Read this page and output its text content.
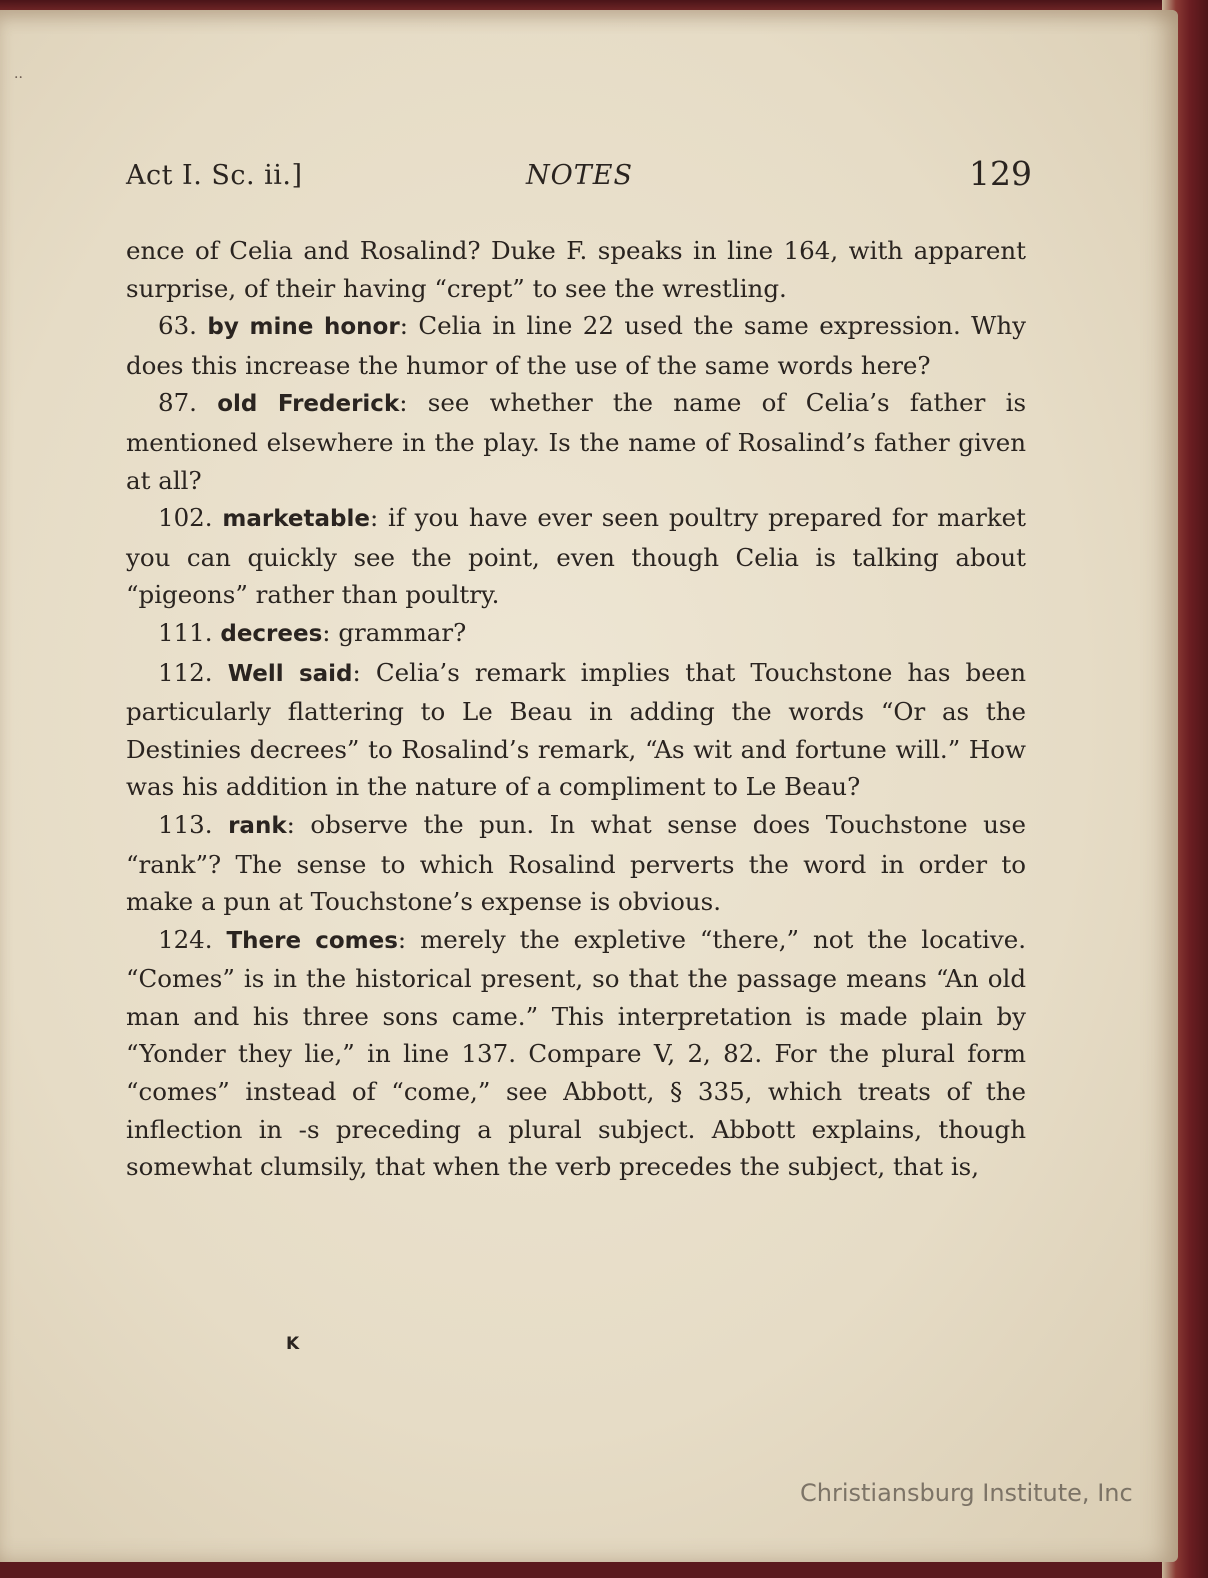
··
Act I. Sc. ii.]	NOTES	129

ence of Celia and Rosalind? Duke F. speaks in line 164, with apparent surprise, of their having “crept” to see the wrestling.

63. by mine honor: Celia in line 22 used the same expression. Why does this increase the humor of the use of the same words here?

87. old Frederick: see whether the name of Celia’s father is mentioned elsewhere in the play. Is the name of Rosalind’s father given at all?

102. marketable: if you have ever seen poultry prepared for market you can quickly see the point, even though Celia is talking about “pigeons” rather than poultry.

111. decrees: grammar?

112. Well said: Celia’s remark implies that Touchstone has been particularly flattering to Le Beau in adding the words “Or as the Destinies decrees” to Rosalind’s remark, “As wit and fortune will.” How was his addition in the nature of a compliment to Le Beau?

113. rank: observe the pun. In what sense does Touchstone use “rank”? The sense to which Rosalind perverts the word in order to make a pun at Touchstone’s expense is obvious.

124. There comes: merely the expletive “there,” not the locative. “Comes” is in the historical present, so that the passage means “An old man and his three sons came.” This interpretation is made plain by “Yonder they lie,” in line 137. Compare V, 2, 82. For the plural form “comes” instead of “come,” see Abbott, § 335, which treats of the inflection in -s preceding a plural subject. Abbott explains, though somewhat clumsily, that when the verb precedes the subject, that is,

K
Christiansburg Institute, Inc
